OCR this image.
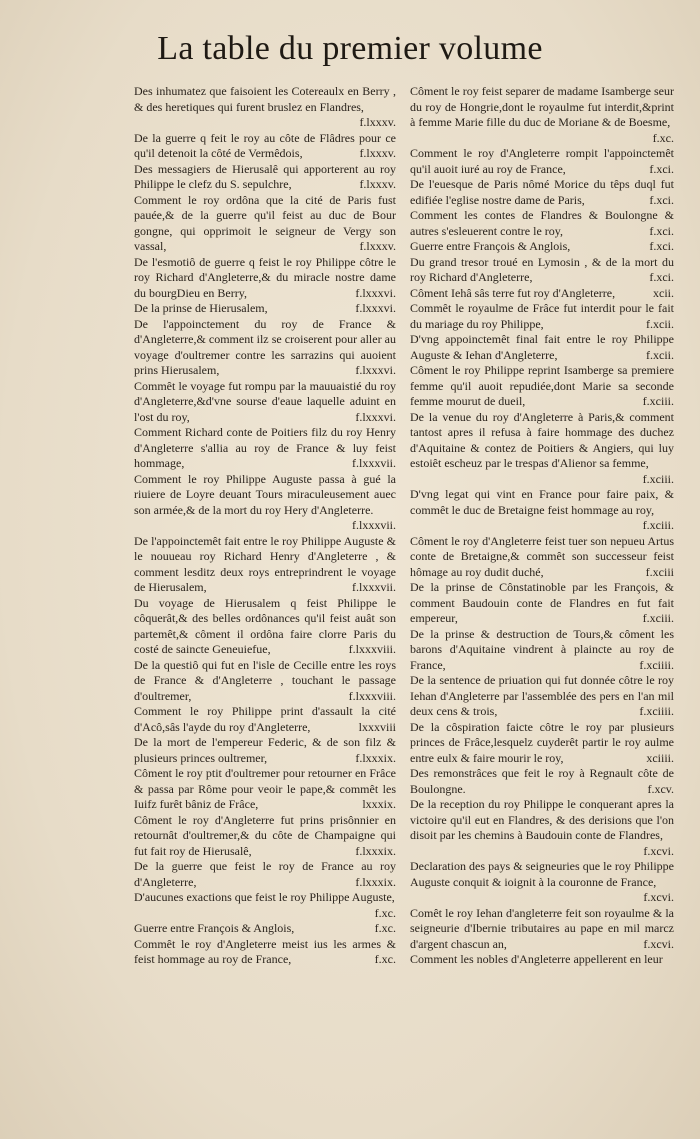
La table du premier volume

Des inhumatez que faisoient les Cotereaulx en Berry , & des heretiques qui furent bruslez en Flandres,
f.lxxxv.

De la guerre q feit le roy au côte de Flâdres pour ce qu'il detenoit la côté de Vermêdois,	f.lxxxv.

Des messagiers de Hierusalê qui apporterent au roy Philippe le clefz du S. sepulchre,	f.lxxxv.

Comment le roy ordôna que la cité de Paris fust pauée,& de la guerre qu'il feist au duc de Bour gongne, qui opprimoit le seigneur de Vergy son vassal,	f.lxxxv.

De l'esmotiô de guerre q feist le roy Philippe côtre le roy Richard d'Angleterre,& du miracle nostre dame du bourgDieu en Berry,	f.lxxxvi.

De la prinse de Hierusalem,	f.lxxxvi.

De l'appoinctement du roy de France & d'Angleterre,& comment ilz se croiserent pour aller au voyage d'oultremer contre les sarrazins qui auoient prins Hierusalem,	f.lxxxvi.

Commêt le voyage fut rompu par la mauuaistié du roy d'Angleterre,&d'vne sourse d'eaue laquelle aduint en l'ost du roy,	f.lxxxvi.

Comment Richard conte de Poitiers filz du roy Henry d'Angleterre s'allia au roy de France & luy feist hommage,	f.lxxxvii.

Comment le roy Philippe Auguste passa à gué la riuiere de Loyre deuant Tours miraculeusement auec son armée,& de la mort du roy Hery d'Angleterre.
f.lxxxvii.

De l'appoinctemêt fait entre le roy Philippe Auguste & le nouueau roy Richard Henry d'Angleterre , & comment lesditz deux roys entreprindrent le voyage de Hierusalem,	f.lxxxvii.

Du voyage de Hierusalem q feist Philippe le côquerât,& des belles ordônances qu'il feist auât son partemêt,& côment il ordôna faire clorre Paris du costé de saincte Geneuiefue,	f.lxxxviii.

De la questiô qui fut en l'isle de Cecille entre les roys de France & d'Angleterre , touchant le passage d'oultremer,	f.lxxxviii.

Comment le roy Philippe print d'assault la cité d'Acô,sâs l'ayde du roy d'Angleterre,	lxxxviii

De la mort de l'empereur Federic, & de son filz & plusieurs princes oultremer,	f.lxxxix.

Côment le roy ptit d'oultremer pour retourner en Frâce & passa par Rôme pour veoir le pape,& commêt les Iuifz furêt bâniz de Frâce,	lxxxix.

Côment le roy d'Angleterre fut prins prisônnier en retournât d'oultremer,& du côte de Champaigne qui fut fait roy de Hierusalê,	f.lxxxix.

De la guerre que feist le roy de France au roy d'Angleterre,	f.lxxxix.

D'aucunes exactions que feist le roy Philippe Auguste,
f.xc.

Guerre entre François & Anglois,	f.xc.

Commêt le roy d'Angleterre meist ius les armes & feist hommage au roy de France,	f.xc.

Côment le roy feist separer de madame Isamberge seur du roy de Hongrie,dont le royaulme fut interdit,&print à femme Marie fille du duc de Moriane & de Boesme,
f.xc.

Comment le roy d'Angleterre rompit l'appoinctemêt qu'il auoit iuré au roy de France,	f.xci.

De l'euesque de Paris nômé Morice du têps duql fut edifiée l'eglise nostre dame de Paris,	f.xci.

Comment les contes de Flandres & Boulongne & autres s'esleuerent contre le roy,	f.xci.

Guerre entre François & Anglois,	f.xci.

Du grand tresor troué en Lymosin , & de la mort du roy Richard d'Angleterre,	f.xci.

Côment Iehâ sâs terre fut roy d'Angleterre,	xcii.

Commêt le royaulme de Frâce fut interdit pour le fait du mariage du roy Philippe,	f.xcii.

D'vng appoinctemêt final fait entre le roy Philippe Auguste & Iehan d'Angleterre,	f.xcii.

Côment le roy Philippe reprint Isamberge sa premiere femme qu'il auoit repudiée,dont Marie sa seconde femme mourut de dueil,	f.xciii.

De la venue du roy d'Angleterre à Paris,& comment tantost apres il refusa à faire hommage des duchez d'Aquitaine & contez de Poitiers & Angiers, qui luy estoiêt escheuz par le trespas d'Alienor sa femme,
f.xciii.

D'vng legat qui vint en France pour faire paix, & commêt le duc de Bretaigne feist hommage au roy,
f.xciii.

Côment le roy d'Angleterre feist tuer son nepueu Artus conte de Bretaigne,& commêt son successeur feist hômage au roy dudit duché,	f.xciii

De la prinse de Cônstatinoble par les François, & comment Baudouin conte de Flandres en fut fait empereur,	f.xciii.

De la prinse & destruction de Tours,& côment les barons d'Aquitaine vindrent à plaincte au roy de France,	f.xciiii.

De la sentence de priuation qui fut donnée côtre le roy Iehan d'Angleterre par l'assemblée des pers en l'an mil deux cens & trois,	f.xciiii.

De la côspiration faicte côtre le roy par plusieurs princes de Frâce,lesquelz cuyderêt partir le roy aulme entre eulx & faire mourir le roy,	xciiii.

Des remonstrâces que feit le roy à Regnault côte de Boulongne.	f.xcv.

De la reception du roy Philippe le conquerant apres la victoire qu'il eut en Flandres, & des derisions que l'on disoit par les chemins à Baudouin conte de Flandres,
f.xcvi.

Declaration des pays & seigneuries que le roy Philippe Auguste conquit & ioignit à la couronne de France,
f.xcvi.

Comêt le roy Iehan d'angleterre feit son royaulme & la seigneurie d'Ibernie tributaires au pape en mil marcz d'argent chascun an,	f.xcvi.

Comment les nobles d'Angleterre appellerent en leur
